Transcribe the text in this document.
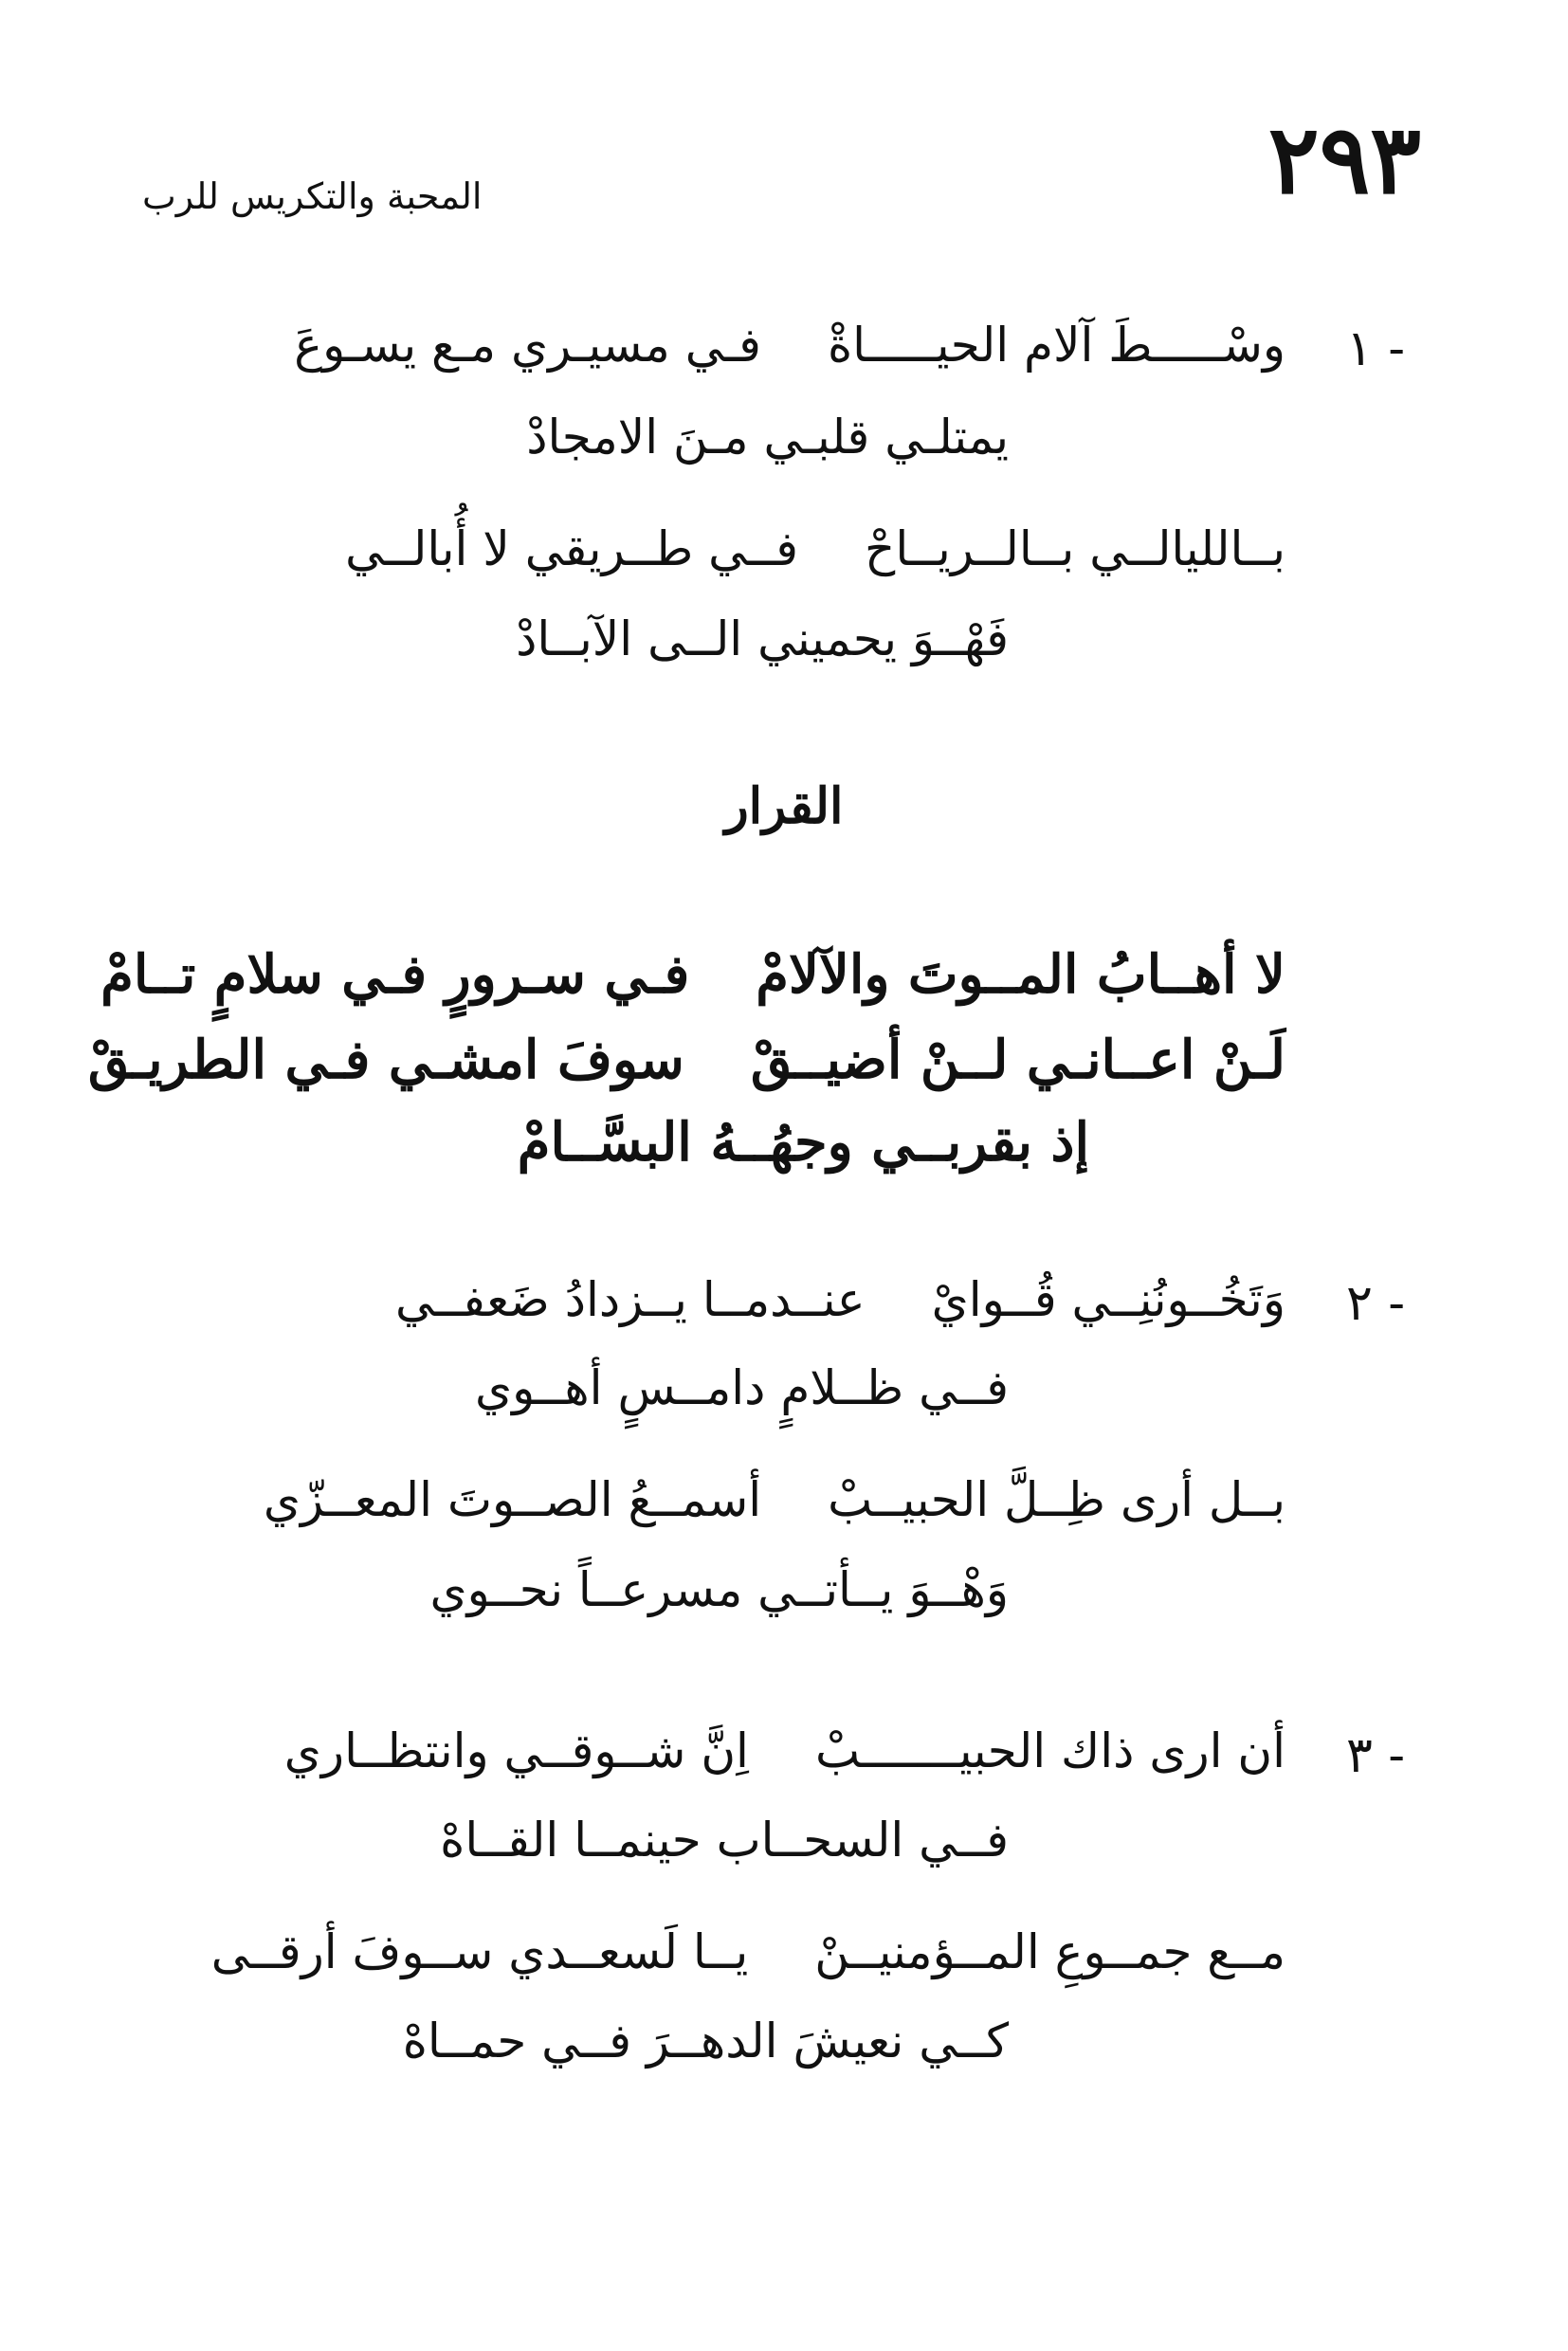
٢٩٣
المحبة والتكريس للرب
١ -
فـي مسيـري مـع يسـوعَ وسْـــــطَ آلام الحيـــــاةْ
يمتلـي قلبـي مـنَ الامجادْ
فــي طــريقي لا أُبالــي بــالليالــي بــالــريــاحْ
فَهْــوَ يحميني الــى الآبــادْ
القرار
فـي سـرورٍ فـي سلامٍ تــامْ لا أهــابُ المــوتَ والآلامْ
سوفَ امشـي فـي الطريـقْ لَـنْ اعــانـي لــنْ أضيــقْ
إذ بقربــي وجهُــهُ البسَّــامْ
٢ -
عنــدمــا يــزدادُ ضَعفــي وَتَخُــونُنِــي قُــوايْ
فــي ظــلامٍ دامــسٍ أهــوي
أسمــعُ الصــوتَ المعــزّي بــل أرى ظِــلَّ الحبيــبْ
وَهْــوَ يــأتــي مسرعــاً نحــوي
٣ -
اِنَّ شــوقــي وانتظــاري أن ارى ذاك الحبيـــــــبْ
فــي السحــاب حينمــا القــاهْ
يــا لَسعــدي ســوفَ أرقــى مــع جمــوعِ المــؤمنيــنْ
كــي نعيشَ الدهــرَ فــي حمــاهْ
